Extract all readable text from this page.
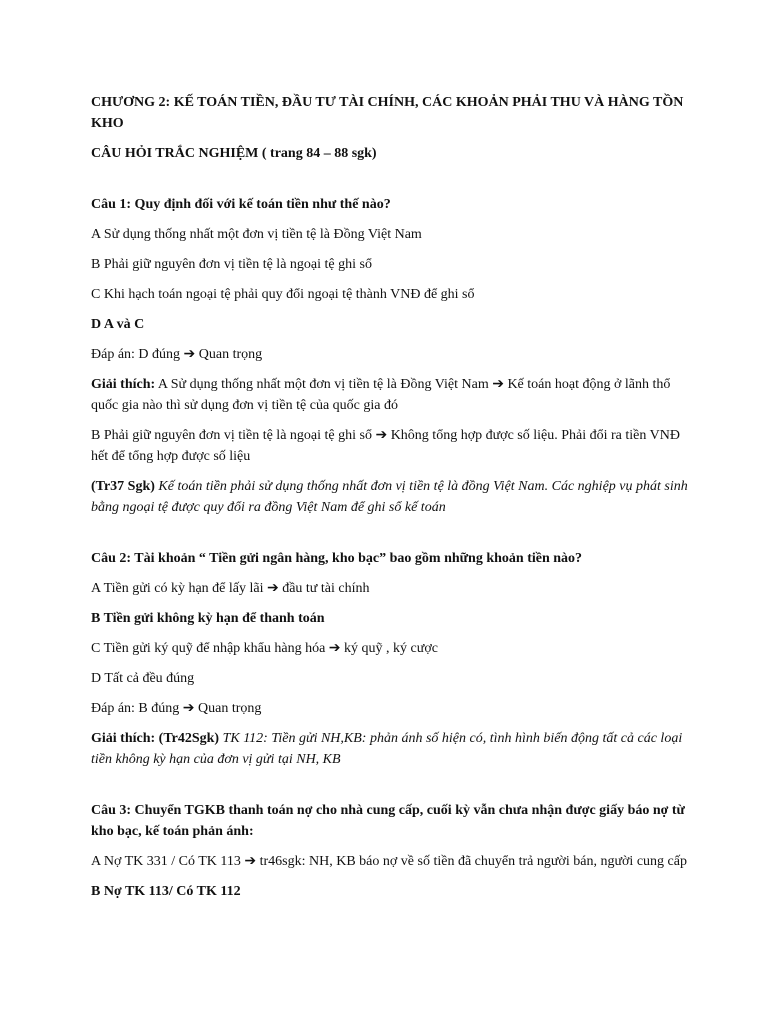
CHƯƠNG 2: KẾ TOÁN TIỀN, ĐẦU TƯ TÀI CHÍNH, CÁC KHOẢN PHẢI THU VÀ HÀNG TỒN KHO

CÂU HỎI TRẮC NGHIỆM ( trang 84 – 88 sgk)

Câu 1: Quy định đối với kế toán tiền như thế nào?

A Sử dụng thống nhất một đơn vị tiền tệ là Đồng Việt Nam

B Phải giữ nguyên đơn vị tiền tệ là ngoại tệ ghi sổ

C Khi hạch toán ngoại tệ phải quy đổi ngoại tệ thành VNĐ để ghi sổ

D A và C

Đáp án: D đúng ➔ Quan trọng

Giải thích: A Sử dụng thống nhất một đơn vị tiền tệ là Đồng Việt Nam ➔ Kế toán hoạt động ở lãnh thổ quốc gia nào thì sử dụng đơn vị tiền tệ của quốc gia đó

B Phải giữ nguyên đơn vị tiền tệ là ngoại tệ ghi sổ ➔ Không tổng hợp được số liệu. Phải đổi ra tiền VNĐ hết để tổng hợp được số liệu

(Tr37 Sgk) Kế toán tiền phải sử dụng thống nhất đơn vị tiền tệ là đồng Việt Nam. Các nghiệp vụ phát sinh bằng ngoại tệ được quy đổi ra đồng Việt Nam để ghi sổ kế toán

Câu 2: Tài khoản “ Tiền gửi ngân hàng, kho bạc” bao gồm những khoản tiền nào?

A Tiền gửi có kỳ hạn để lấy lãi ➔ đầu tư tài chính

B Tiền gửi không kỳ hạn để thanh toán

C Tiền gửi ký quỹ để nhập khẩu hàng hóa ➔ ký quỹ , ký cược

D Tất cả đều đúng

Đáp án: B đúng ➔ Quan trọng

Giải thích: (Tr42Sgk) TK 112: Tiền gửi NH,KB: phản ánh số hiện có, tình hình biến động tất cả các loại tiền không kỳ hạn của đơn vị gửi tại NH, KB

Câu 3: Chuyển TGKB thanh toán nợ cho nhà cung cấp, cuối kỳ vẫn chưa nhận được giấy báo nợ từ kho bạc, kế toán phản ánh:

A Nợ TK 331 / Có TK 113 ➔ tr46sgk: NH, KB báo nợ về số tiền đã chuyển trả người bán, người cung cấp

B Nợ TK 113/ Có TK 112
